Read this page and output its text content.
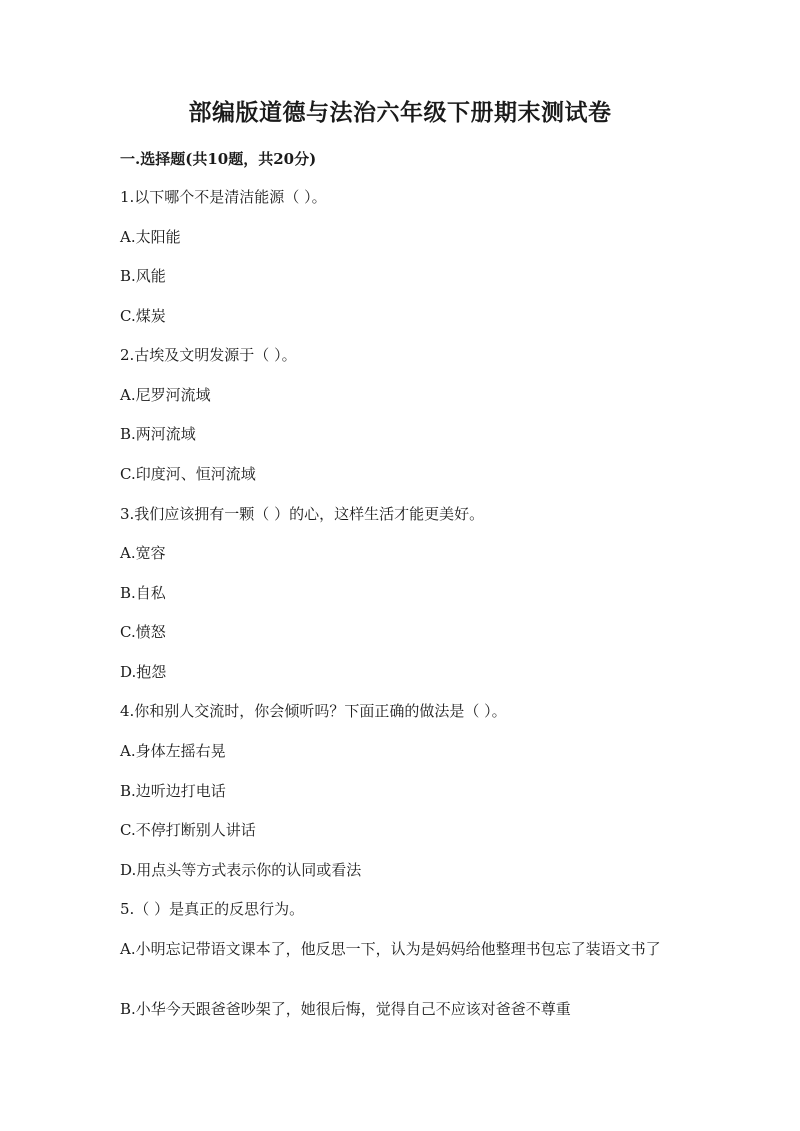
部编版道德与法治六年级下册期末测试卷
一.选择题(共10题，共20分)
1.以下哪个不是清洁能源（ ）。
A.太阳能
B.风能
C.煤炭
2.古埃及文明发源于（ ）。
A.尼罗河流域
B.两河流域
C.印度河、恒河流域
3.我们应该拥有一颗（ ）的心，这样生活才能更美好。
A.宽容
B.自私
C.愤怒
D.抱怨
4.你和别人交流时，你会倾听吗？下面正确的做法是（ ）。
A.身体左摇右晃
B.边听边打电话
C.不停打断别人讲话
D.用点头等方式表示你的认同或看法
5.（ ）是真正的反思行为。
A.小明忘记带语文课本了，他反思一下，认为是妈妈给他整理书包忘了装语文书了
B.小华今天跟爸爸吵架了，她很后悔，觉得自己不应该对爸爸不尊重
